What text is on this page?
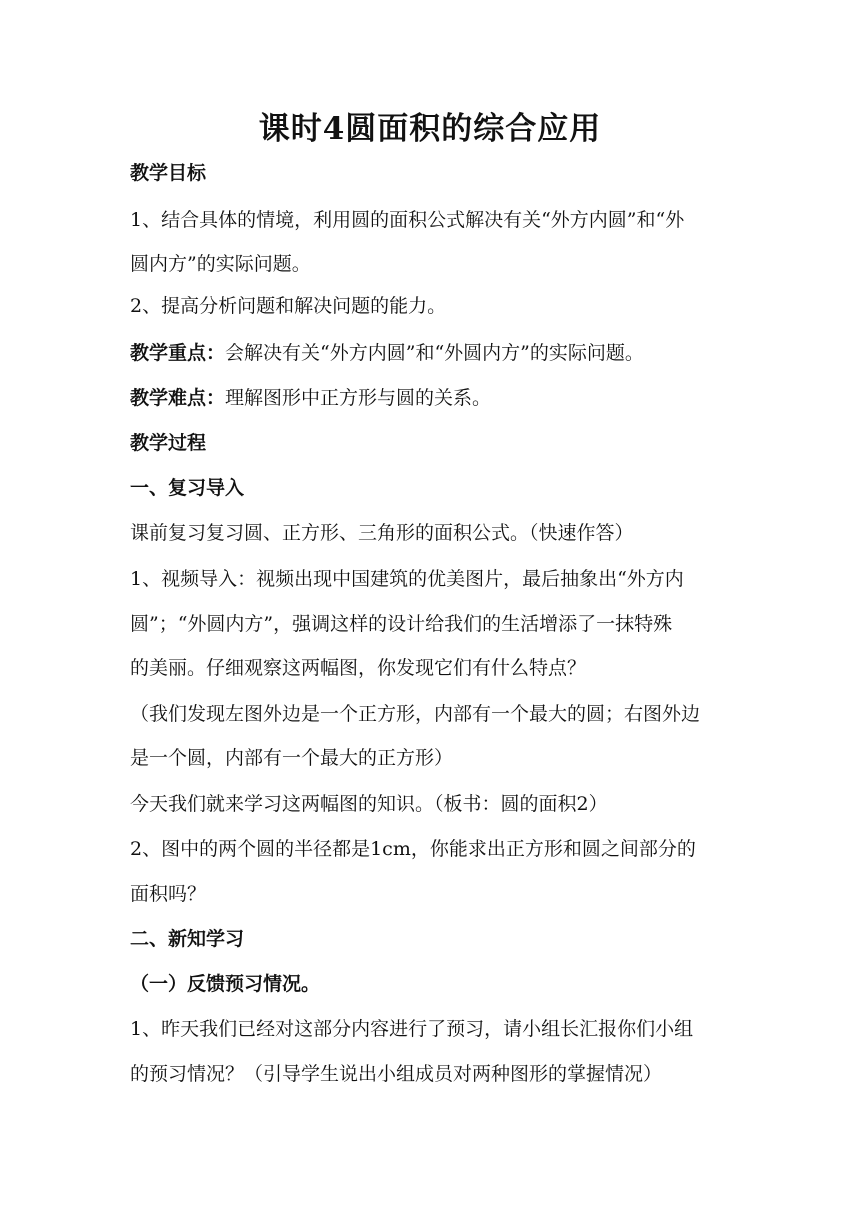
课时4圆面积的综合应用
教学目标
1、结合具体的情境，利用圆的面积公式解决有关“外方内圆”和“外
圆内方”的实际问题。
2、提高分析问题和解决问题的能力。
教学重点：会解决有关“外方内圆”和“外圆内方”的实际问题。
教学难点：理解图形中正方形与圆的关系。
教学过程
一、复习导入
课前复习复习圆、正方形、三角形的面积公式。（快速作答）
1、视频导入：视频出现中国建筑的优美图片，最后抽象出“外方内
圆”；“外圆内方”，强调这样的设计给我们的生活增添了一抹特殊
的美丽。仔细观察这两幅图，你发现它们有什么特点？
（我们发现左图外边是一个正方形，内部有一个最大的圆；右图外边
是一个圆，内部有一个最大的正方形）
今天我们就来学习这两幅图的知识。（板书：圆的面积2）
2、图中的两个圆的半径都是1cm，你能求出正方形和圆之间部分的
面积吗？
二、新知学习
（一）反馈预习情况。
1、昨天我们已经对这部分内容进行了预习，请小组长汇报你们小组
的预习情况？（引导学生说出小组成员对两种图形的掌握情况）
